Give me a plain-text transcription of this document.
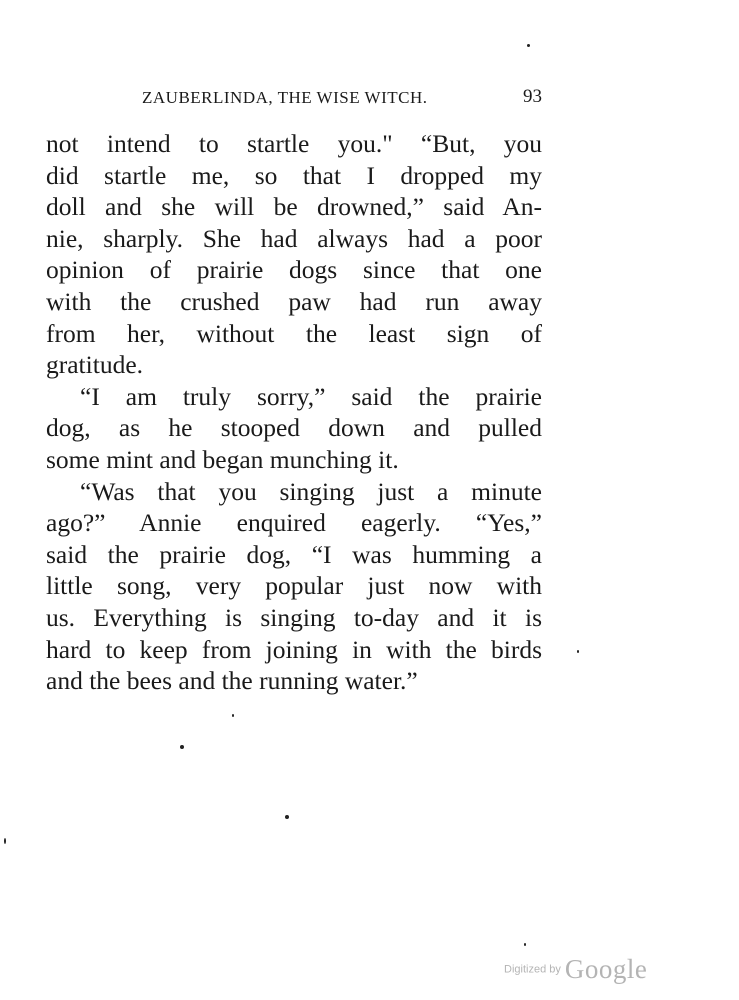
ZAUBERLINDA, THE WISE WITCH.	93
not intend to startle you." “But, you
did startle me, so that I dropped my
doll and she will be drowned,” said An-
nie, sharply. She had always had a poor
opinion of prairie dogs since that one
with the crushed paw had run away
from her, without the least sign of
gratitude.
“I am truly sorry,” said the prairie
dog, as he stooped down and pulled
some mint and began munching it.
“Was that you singing just a minute
ago?” Annie enquired eagerly. “Yes,”
said the prairie dog, “I was humming a
little song, very popular just now with
us. Everything is singing to-day and it is
hard to keep from joining in with the birds
and the bees and the running water.”
Digitized by Google
